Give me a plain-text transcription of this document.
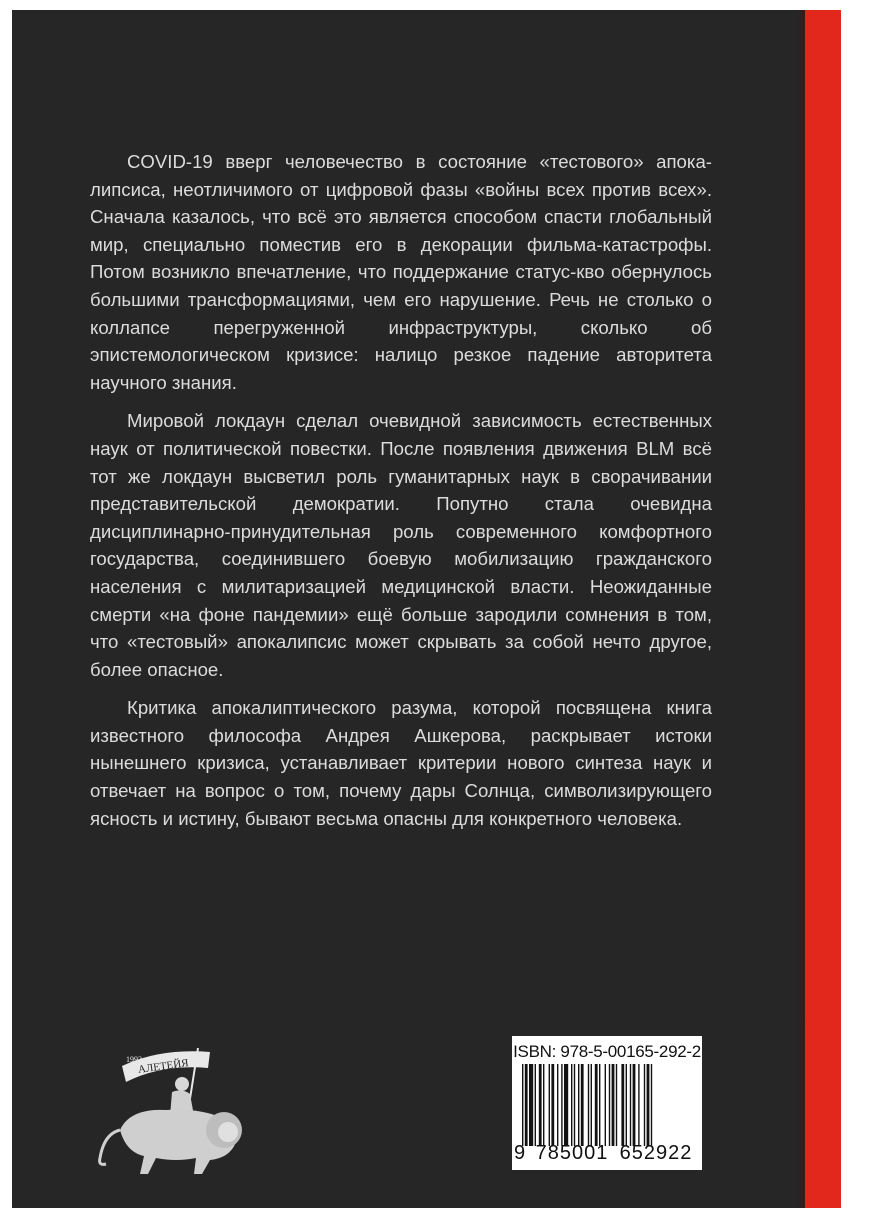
COVID-19 вверг человечество в состояние «тестового» апокалипсиса, неотличимого от цифровой фазы «войны всех против всех». Сначала казалось, что всё это является способом спасти глобальный мир, специально поместив его в декорации фильма-катастрофы. Потом возникло впечатление, что поддержание статус-кво обернулось большими трансформациями, чем его нарушение. Речь не столько о коллапсе перегруженной инфраструктуры, сколько об эпистемологическом кризисе: налицо резкое падение авторитета научного знания.

Мировой локдаун сделал очевидной зависимость естественных наук от политической повестки. После появления движения BLM всё тот же локдаун высветил роль гуманитарных наук в сворачивании представительской демократии. Попутно стала очевидна дисциплинарно-принудительная роль современного комфортного государства, соединившего боевую мобилизацию гражданского населения с милитаризацией медицинской власти. Неожиданные смерти «на фоне пандемии» ещё больше зародили сомнения в том, что «тестовый» апокалипсис может скрывать за собой нечто другое, более опасное.

Критика апокалиптического разума, которой посвящена книга известного философа Андрея Ашкерова, раскрывает истоки нынешнего кризиса, устанавливает критерии нового синтеза наук и отвечает на вопрос о том, почему дары Солнца, символизирующего ясность и истину, бывают весьма опасны для конкретного человека.

1992
АЛЕТЕЙЯ
ISBN: 978-5-00165-292-2
9 785001 652922
